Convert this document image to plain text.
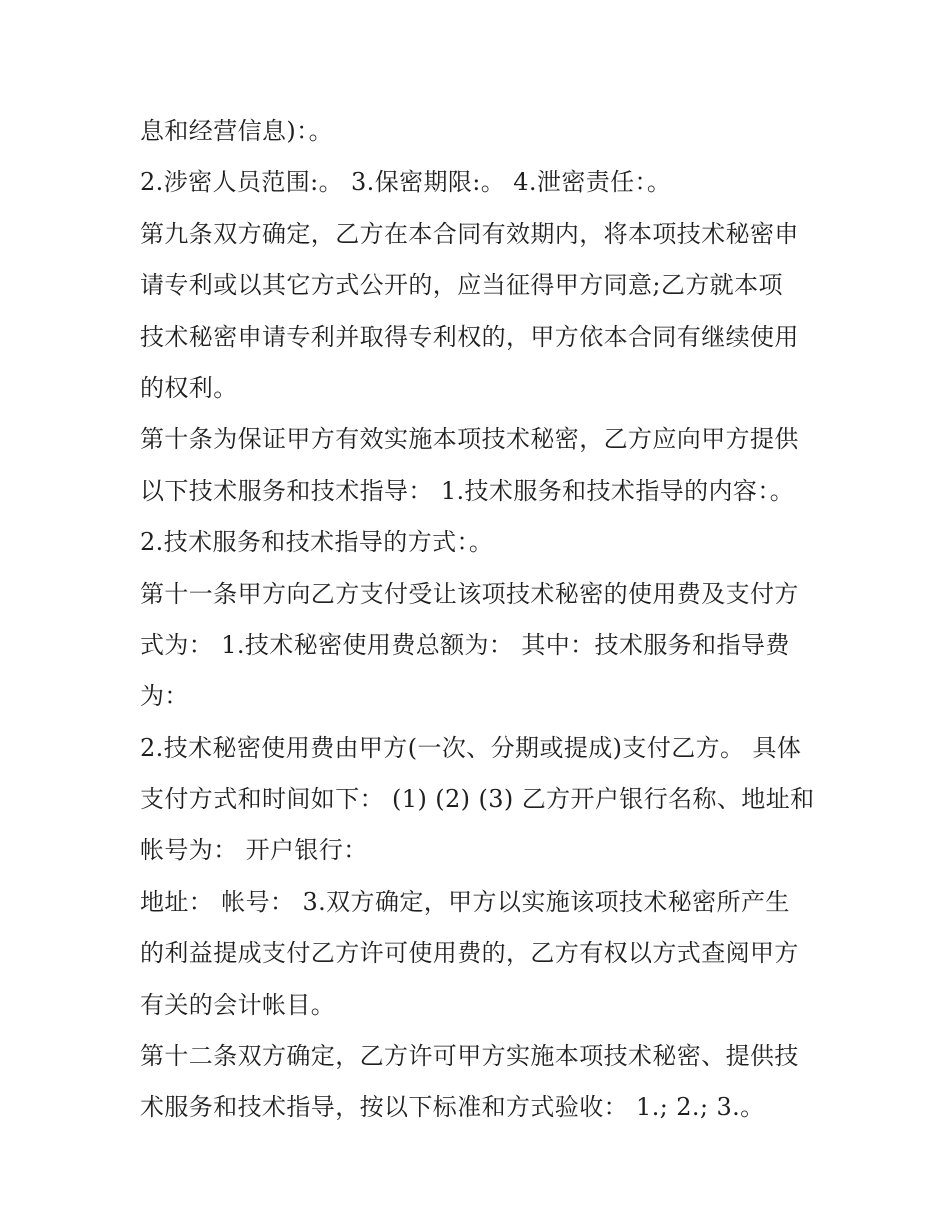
息和经营信息)：。
2.涉密人员范围:。 3.保密期限:。 4.泄密责任：。
第九条双方确定，乙方在本合同有效期内，将本项技术秘密申
请专利或以其它方式公开的，应当征得甲方同意;乙方就本项
技术秘密申请专利并取得专利权的，甲方依本合同有继续使用
的权利。
第十条为保证甲方有效实施本项技术秘密，乙方应向甲方提供
以下技术服务和技术指导： 1.技术服务和技术指导的内容：。
2.技术服务和技术指导的方式：。
第十一条甲方向乙方支付受让该项技术秘密的使用费及支付方
式为： 1.技术秘密使用费总额为： 其中：技术服务和指导费
为：
2.技术秘密使用费由甲方(一次、分期或提成)支付乙方。 具体
支付方式和时间如下： (1) (2) (3) 乙方开户银行名称、地址和
帐号为： 开户银行：
地址： 帐号： 3.双方确定，甲方以实施该项技术秘密所产生
的利益提成支付乙方许可使用费的，乙方有权以方式查阅甲方
有关的会计帐目。
第十二条双方确定，乙方许可甲方实施本项技术秘密、提供技
术服务和技术指导，按以下标准和方式验收： 1.; 2.; 3.。
